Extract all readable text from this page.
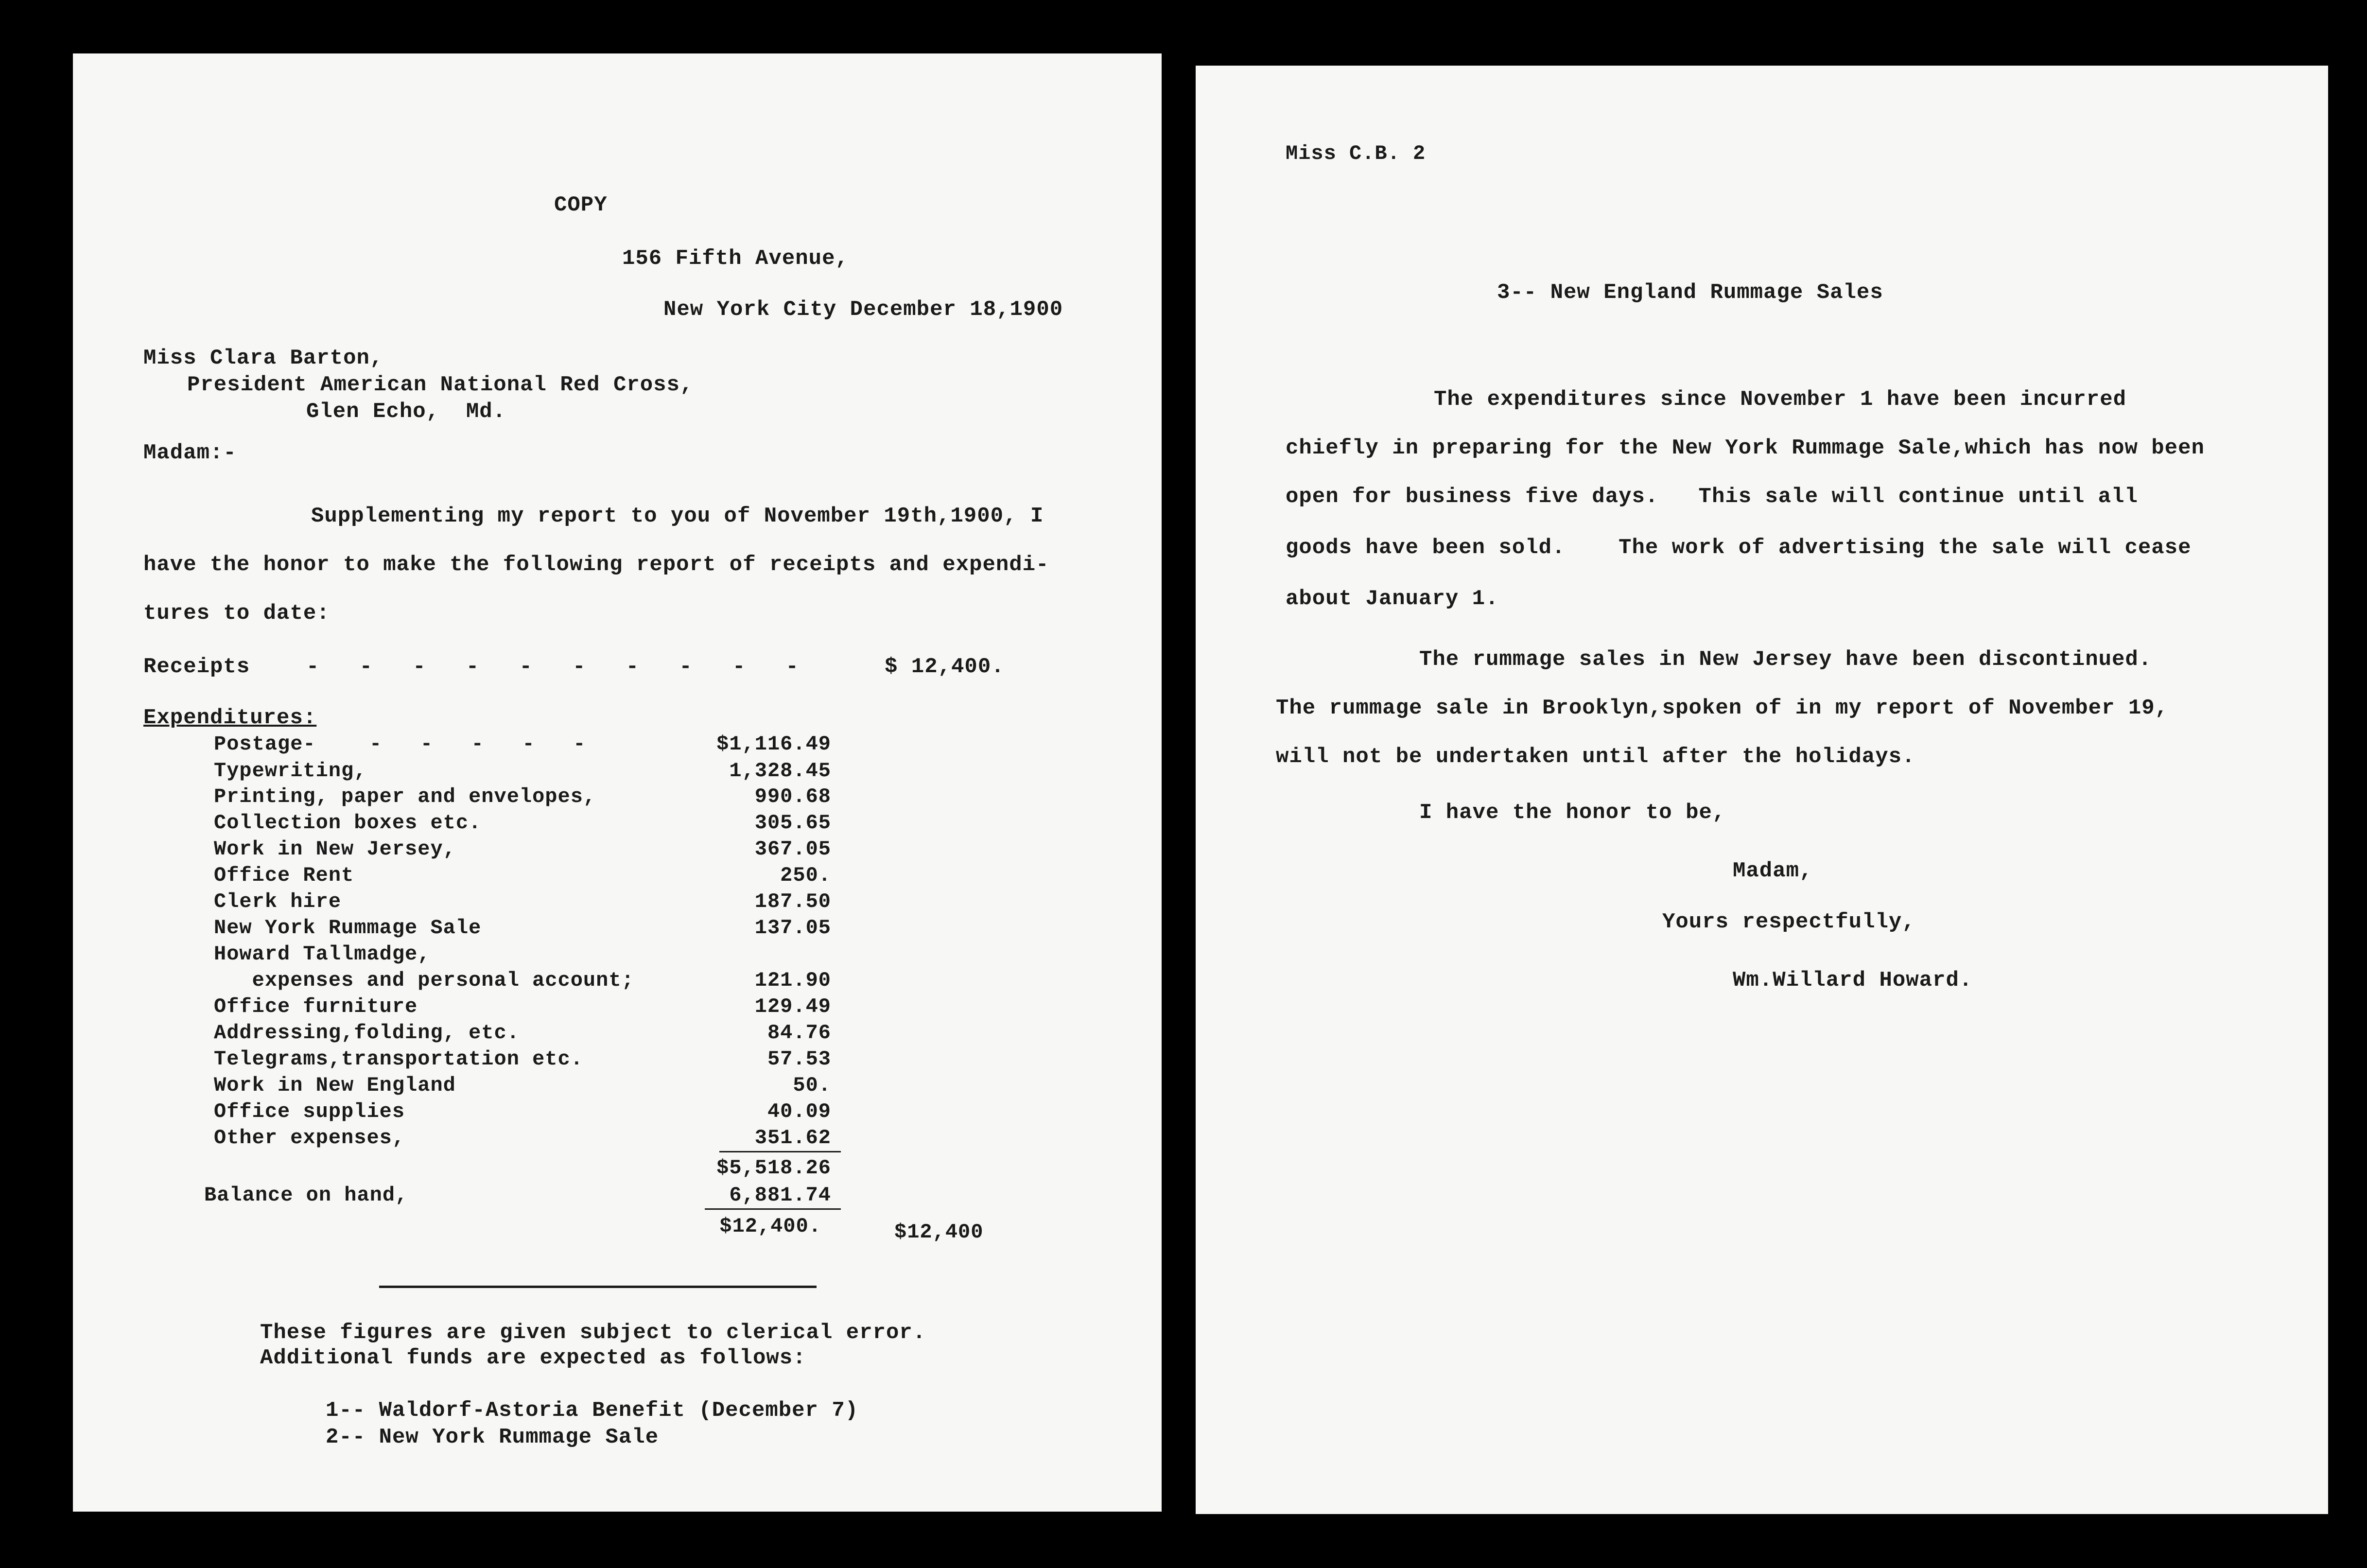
COPY
156 Fifth Avenue,
New York City December 18,1900
Miss Clara Barton,
President American National Red Cross,
Glen Echo,  Md.
Madam:-
Supplementing my report to you of November 19th,1900, I
have the honor to make the following report of receipts and expendi-
tures to date:
Receipts	-   -   -   -   -   -   -   -   -   -	$ 12,400.
Expenditures:
Postage-	-   -   -   -   -	$1,116.49
Typewriting,	1,328.45
Printing, paper and envelopes,	990.68
Collection boxes etc.	305.65
Work in New Jersey,	367.05
Office Rent	250.
Clerk hire	187.50
New York Rummage Sale	137.05
Howard Tallmadge,
expenses and personal account;	121.90
Office furniture	129.49
Addressing,folding, etc.	84.76
Telegrams,transportation etc.	57.53
Work in New England	50.
Office supplies	40.09
Other expenses,	351.62
$5,518.26
Balance on hand,	6,881.74
$12,400.	$12,400
These figures are given subject to clerical error.
Additional funds are expected as follows:
1-- Waldorf-Astoria Benefit (December 7)
2-- New York Rummage Sale
Miss C.B. 2
3-- New England Rummage Sales
The expenditures since November 1 have been incurred
chiefly in preparing for the New York Rummage Sale,which has now been
open for business five days.   This sale will continue until all
goods have been sold.    The work of advertising the sale will cease
about January 1.
The rummage sales in New Jersey have been discontinued.
The rummage sale in Brooklyn,spoken of in my report of November 19,
will not be undertaken until after the holidays.
I have the honor to be,
Madam,
Yours respectfully,
Wm.Willard Howard.
